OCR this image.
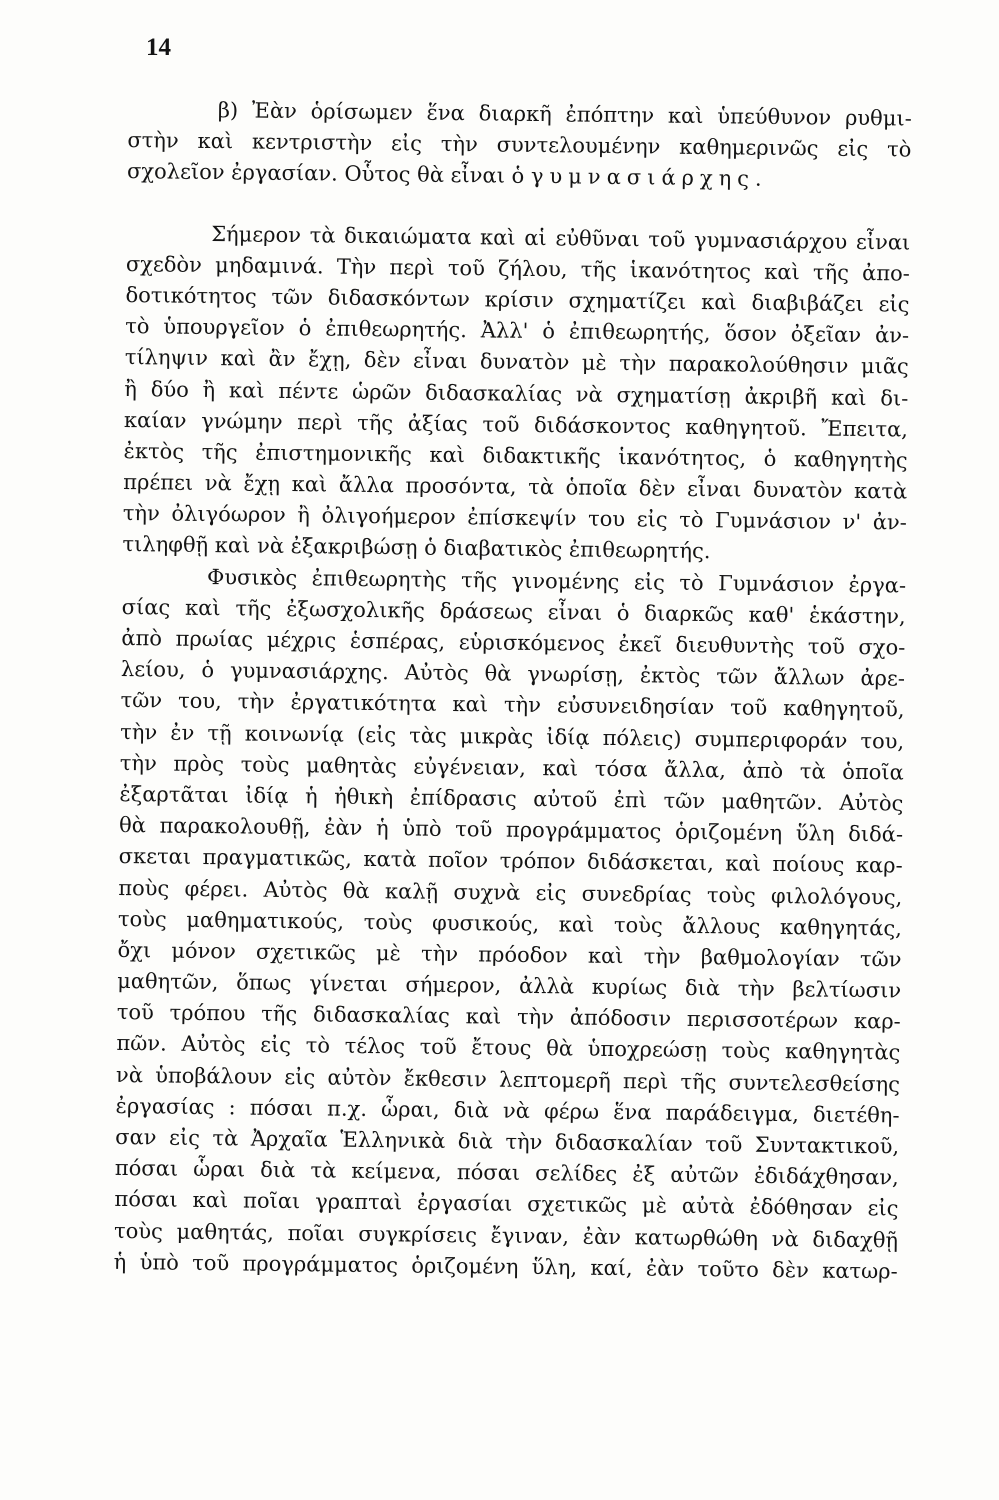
14
β) Ἐὰν ὁρίσωμεν ἕνα διαρκῆ ἐπόπτην καὶ ὑπεύθυνον ρυθμι-
στὴν καὶ κεντριστὴν εἰς τὴν συντελουμένην καθημερινῶς εἰς τὸ
σχολεῖον ἐργασίαν. Οὗτος θὰ εἶναι ὁ γυμνασιάρχης.
Σήμερον τὰ δικαιώματα καὶ αἱ εὐθῦναι τοῦ γυμνασιάρχου εἶναι
σχεδὸν μηδαμινά. Τὴν περὶ τοῦ ζήλου, τῆς ἱκανότητος καὶ τῆς ἀπο-
δοτικότητος τῶν διδασκόντων κρίσιν σχηματίζει καὶ διαβιβάζει εἰς
τὸ ὑπουργεῖον ὁ ἐπιθεωρητής. Ἀλλ' ὁ ἐπιθεωρητής, ὅσον ὀξεῖαν ἀν-
τίληψιν καὶ ἂν ἔχῃ, δὲν εἶναι δυνατὸν μὲ τὴν παρακολούθησιν μιᾶς
ἢ δύο ἢ καὶ πέντε ὡρῶν διδασκαλίας νὰ σχηματίσῃ ἀκριβῆ καὶ δι-
καίαν γνώμην περὶ τῆς ἀξίας τοῦ διδάσκοντος καθηγητοῦ. Ἔπειτα,
ἐκτὸς τῆς ἐπιστημονικῆς καὶ διδακτικῆς ἱκανότητος, ὁ καθηγητὴς
πρέπει νὰ ἔχῃ καὶ ἄλλα προσόντα, τὰ ὁποῖα δὲν εἶναι δυνατὸν κατὰ
τὴν ὀλιγόωρον ἢ ὀλιγοήμερον ἐπίσκεψίν του εἰς τὸ Γυμνάσιον ν' ἀν-
τιληφθῇ καὶ νὰ ἐξακριβώσῃ ὁ διαβατικὸς ἐπιθεωρητής.
Φυσικὸς ἐπιθεωρητὴς τῆς γινομένης εἰς τὸ Γυμνάσιον ἐργα-
σίας καὶ τῆς ἐξωσχολικῆς δράσεως εἶναι ὁ διαρκῶς καθ' ἑκάστην,
ἀπὸ πρωίας μέχρις ἑσπέρας, εὑρισκόμενος ἐκεῖ διευθυντὴς τοῦ σχο-
λείου, ὁ γυμνασιάρχης. Αὐτὸς θὰ γνωρίσῃ, ἐκτὸς τῶν ἄλλων ἀρε-
τῶν του, τὴν ἐργατικότητα καὶ τὴν εὐσυνειδησίαν τοῦ καθηγητοῦ,
τὴν ἐν τῇ κοινωνίᾳ (εἰς τὰς μικρὰς ἰδίᾳ πόλεις) συμπεριφοράν του,
τὴν πρὸς τοὺς μαθητὰς εὐγένειαν, καὶ τόσα ἄλλα, ἀπὸ τὰ ὁποῖα
ἐξαρτᾶται ἰδίᾳ ἡ ἠθικὴ ἐπίδρασις αὐτοῦ ἐπὶ τῶν μαθητῶν. Αὐτὸς
θὰ παρακολουθῇ, ἐὰν ἡ ὑπὸ τοῦ προγράμματος ὁριζομένη ὕλη διδά-
σκεται πραγματικῶς, κατὰ ποῖον τρόπον διδάσκεται, καὶ ποίους καρ-
ποὺς φέρει. Αὐτὸς θὰ καλῇ συχνὰ εἰς συνεδρίας τοὺς φιλολόγους,
τοὺς μαθηματικούς, τοὺς φυσικούς, καὶ τοὺς ἄλλους καθηγητάς,
ὄχι μόνον σχετικῶς μὲ τὴν πρόοδον καὶ τὴν βαθμολογίαν τῶν
μαθητῶν, ὅπως γίνεται σήμερον, ἀλλὰ κυρίως διὰ τὴν βελτίωσιν
τοῦ τρόπου τῆς διδασκαλίας καὶ τὴν ἀπόδοσιν περισσοτέρων καρ-
πῶν. Αὐτὸς εἰς τὸ τέλος τοῦ ἔτους θὰ ὑποχρεώσῃ τοὺς καθηγητὰς
νὰ ὑποβάλουν εἰς αὐτὸν ἔκθεσιν λεπτομερῆ περὶ τῆς συντελεσθείσης
ἐργασίας : πόσαι π.χ. ὧραι, διὰ νὰ φέρω ἕνα παράδειγμα, διετέθη-
σαν εἰς τὰ Ἀρχαῖα Ἑλληνικὰ διὰ τὴν διδασκαλίαν τοῦ Συντακτικοῦ,
πόσαι ὧραι διὰ τὰ κείμενα, πόσαι σελίδες ἐξ αὐτῶν ἐδιδάχθησαν,
πόσαι καὶ ποῖαι γραπταὶ ἐργασίαι σχετικῶς μὲ αὐτὰ ἐδόθησαν εἰς
τοὺς μαθητάς, ποῖαι συγκρίσεις ἔγιναν, ἐὰν κατωρθώθη νὰ διδαχθῇ
ἡ ὑπὸ τοῦ προγράμματος ὁριζομένη ὕλη, καί, ἐὰν τοῦτο δὲν κατωρ-
